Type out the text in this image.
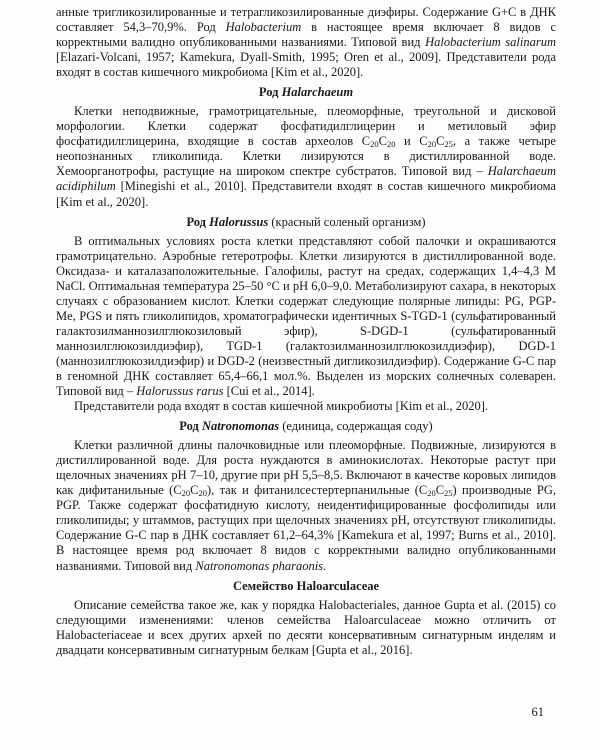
анные тригликозилированные и тетрагликозилированные диэфиры. Содержание G+C в ДНК составляет 54,3–70,9%. Род Halobacterium в настоящее время включает 8 видов с корректными валидно опубликованными названиями. Типовой вид Halobacterium salinarum [Elazari-Volcani, 1957; Kamekura, Dyall-Smith, 1995; Oren et al., 2009]. Представители рода входят в состав кишечного микробиома [Kim et al., 2020].

Род Halarchaeum

Клетки неподвижные, грамотрицательные, плеоморфные, треугольной и дисковой морфологии. Клетки содержат фосфатидилглицерин и метиловый эфир фосфатидилглицерина, входящие в состав археолов $C_{20}C_{20}$ и $C_{20}C_{25}$, а также четыре неопознанных гликолипида. Клетки лизируются в дистиллированной воде. Хемоорганотрофы, растущие на широком спектре субстратов. Типовой вид – Halarchaeum acidiphilum [Minegishi et al., 2010]. Представители входят в состав кишечного микробиома [Kim et al., 2020].

Род Halorussus (красный соленый организм)

В оптимальных условиях роста клетки представляют собой палочки и окрашиваются грамотрицательно. Аэробные гетеротрофы. Клетки лизируются в дистиллированной воде. Оксидаза- и каталазаположительные. Галофилы, растут на средах, содержащих 1,4–4,3 M NaCl. Оптимальная температура 25–50 °C и pH 6,0–9,0. Метаболизируют сахара, в некоторых случаях с образованием кислот. Клетки содержат следующие полярные липиды: PG, PGP-Me, PGS и пять гликолипидов, хроматографически идентичных S-TGD-1 (сульфатированный галактозилманнозилглюкозиловый эфир), S-DGD-1 (сульфатированный маннозилглюкозилдиэфир), TGD-1 (галактозилманнозилглюкозилдиэфир), DGD-1 (маннозилглюкозилдиэфир) и DGD-2 (неизвестный дигликозилдиэфир). Содержание G-C пар в геномной ДНК составляет 65,4–66,1 мол.%. Выделен из морских солнечных солеварен. Типовой вид – Halorussus rarus [Cui et al., 2014].

Представители рода входят в состав кишечной микробиоты [Kim et al., 2020].

Род Natronomonas (единица, содержащая соду)

Клетки различной длины палочковидные или плеоморфные. Подвижные, лизируются в дистиллированной воде. Для роста нуждаются в аминокислотах. Некоторые растут при щелочных значениях pH 7–10, другие при pH 5,5–8,5. Включают в качестве коровых липидов как дифитанильные $(C_{20}C_{20})$, так и фитанилсестертерпанильные $(C_{20}C_{25})$ производные PG, PGP. Также содержат фосфатидную кислоту, неидентифицированные фосфолипиды или гликолипиды; у штаммов, растущих при щелочных значениях pH, отсутствуют гликолипиды. Содержание G-C пар в ДНК составляет 61,2–64,3% [Kamekura et al, 1997; Burns et al., 2010]. В настоящее время род включает 8 видов с корректными валидно опубликованными названиями. Типовой вид Natronomonas pharaonis.

Семейство Haloarculaceae

Описание семейства такое же, как у порядка Halobacteriales, данное Gupta et al. (2015) со следующими изменениями: членов семейства Haloarculaceae можно отличить от Halobacteriaceae и всех других архей по десяти консервативным сигнатурным инделям и двадцати консервативным сигнатурным белкам [Gupta et al., 2016].

61
